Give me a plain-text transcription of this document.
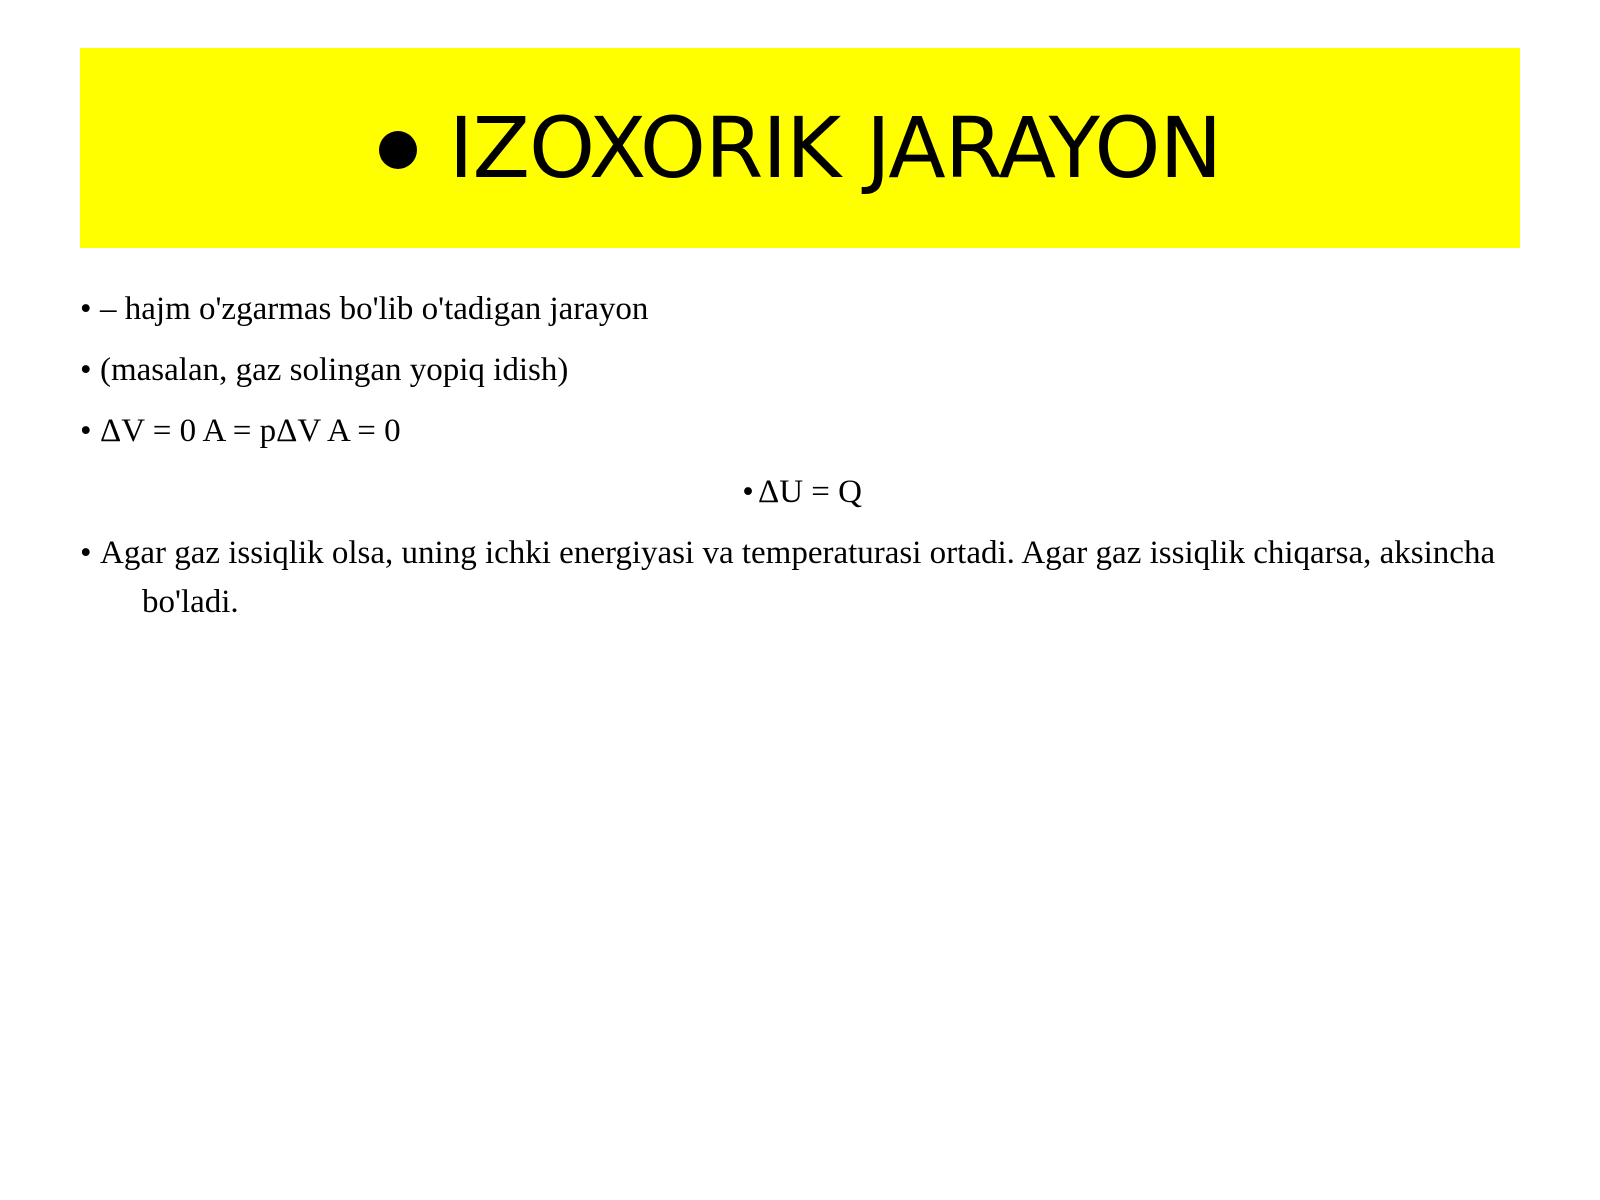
IZOXORIK JARAYON
• – hajm o'zgarmas bo'lib o'tadigan jarayon
• (masalan, gaz solingan yopiq idish)
• ΔV = 0 A = pΔV A = 0
• ΔU = Q
• Agar gaz issiqlik olsa, uning ichki energiyasi va temperaturasi ortadi. Agar gaz issiqlik chiqarsa, aksincha bo'ladi.
